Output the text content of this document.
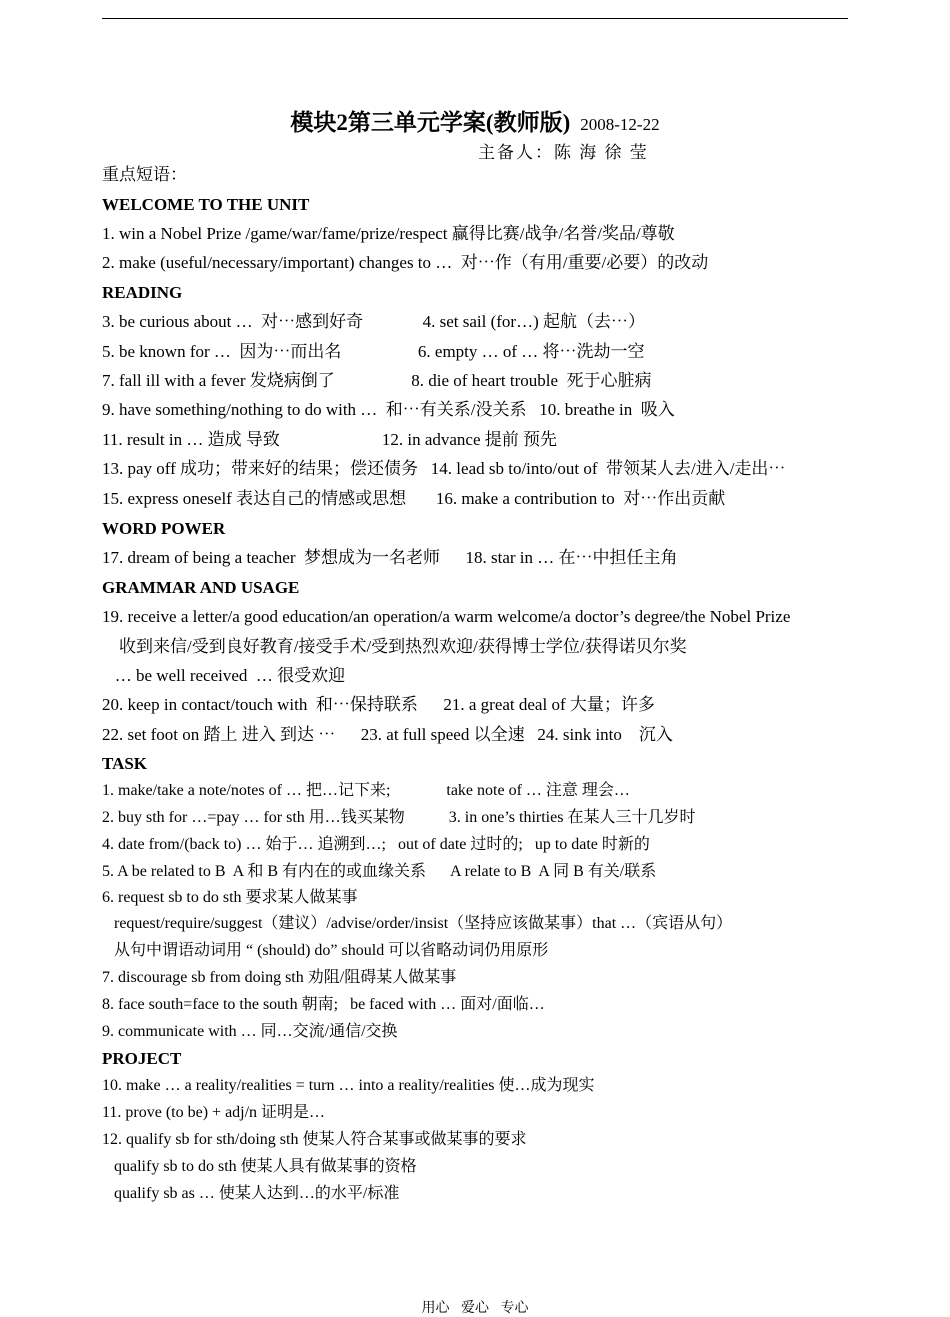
模块2第三单元学案(教师版) 2008-12-22
主备人：陈 海 徐 莹
重点短语：
WELCOME TO THE UNIT
1. win a Nobel Prize /game/war/fame/prize/respect 赢得比赛/战争/名誉/奖品/尊敬
2. make (useful/necessary/important) changes to …  对⋯作（有用/重要/必要）的改动
READING
3. be curious about …  对⋯感到好奇              4. set sail (for…) 起航（去⋯）
5. be known for …  因为⋯而出名                  6. empty … of … 将⋯洗劫一空
7. fall ill with a fever 发烧病倒了                  8. die of heart trouble  死于心脏病
9. have something/nothing to do with …  和⋯有关系/没关系   10. breathe in  吸入
11. result in … 造成 导致                        12. in advance 提前 预先
13. pay off 成功；带来好的结果；偿还债务   14. lead sb to/into/out of  带领某人去/进入/走出⋯
15. express oneself 表达自己的情感或思想       16. make a contribution to  对⋯作出贡献
WORD POWER
17. dream of being a teacher  梦想成为一名老师      18. star in … 在⋯中担任主角
GRAMMAR AND USAGE
19. receive a letter/a good education/an operation/a warm welcome/a doctor’s degree/the Nobel Prize
收到来信/受到良好教育/接受手术/受到热烈欢迎/获得博士学位/获得诺贝尔奖
… be well received  … 很受欢迎
20. keep in contact/touch with  和⋯保持联系      21. a great deal of 大量；许多
22. set foot on 踏上 进入 到达 ⋯      23. at full speed 以全速   24. sink into    沉入
TASK
1. make/take a note/notes of … 把…记下来;              take note of … 注意 理会…
2. buy sth for …=pay … for sth 用…钱买某物           3. in one’s thirties 在某人三十几岁时
4. date from/(back to) … 始于… 追溯到…;   out of date 过时的;   up to date 时新的
5. A be related to B  A 和 B 有内在的或血缘关系      A relate to B  A 同 B 有关/联系
6. request sb to do sth 要求某人做某事
request/require/suggest（建议）/advise/order/insist（坚持应该做某事）that …（宾语从句）
从句中谓语动词用 “ (should) do” should 可以省略动词仍用原形
7. discourage sb from doing sth 劝阻/阻碍某人做某事
8. face south=face to the south 朝南;   be faced with … 面对/面临…
9. communicate with … 同…交流/通信/交换
PROJECT
10. make … a reality/realities = turn … into a reality/realities 使…成为现实
11. prove (to be) + adj/n 证明是…
12. qualify sb for sth/doing sth 使某人符合某事或做某事的要求
qualify sb to do sth 使某人具有做某事的资格
qualify sb as … 使某人达到…的水平/标准
用心 爱心 专心
